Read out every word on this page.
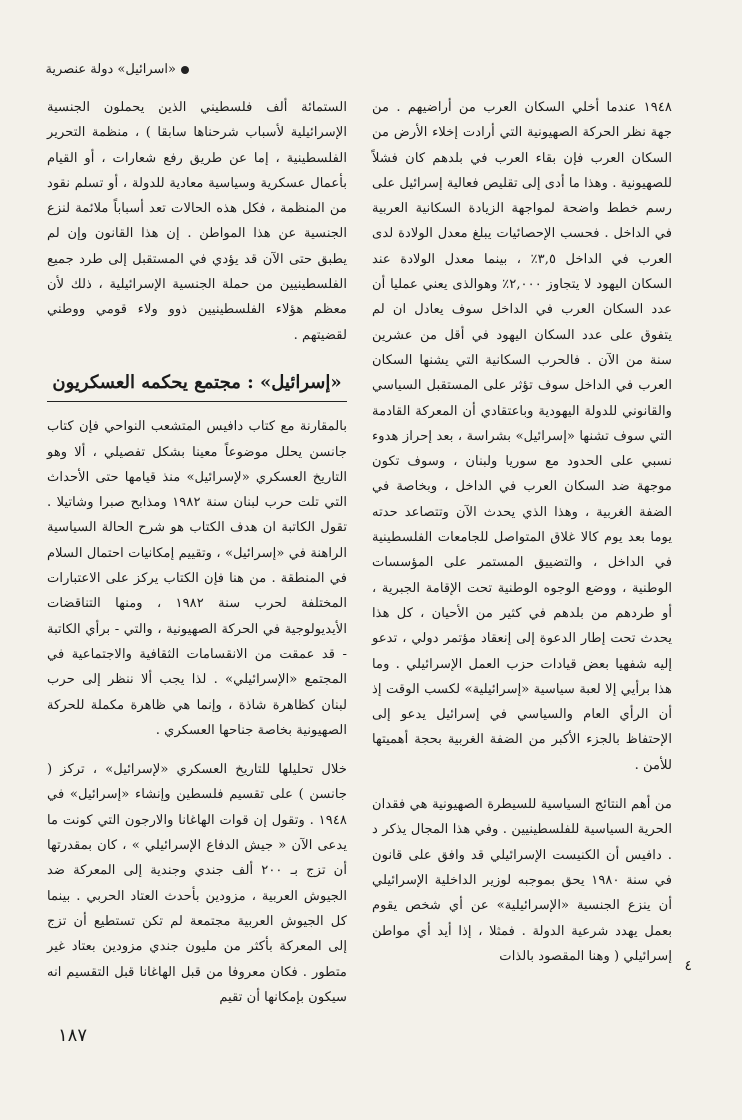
«اسرائيل» دولة عنصرية

١٩٤٨ عندما أخلي السكان العرب من أراضيهم . من جهة نظر الحركة الصهيونية التي أرادت إخلاء الأرض من السكان العرب فإن بقاء العرب في بلدهم كان فشلاً للصهيونية . وهذا ما أدى إلى تقليص فعالية إسرائيل على رسم خطط واضحة لمواجهة الزيادة السكانية العربية في الداخل . فحسب الإحصائيات يبلغ معدل الولادة لدى العرب في الداخل ٣,٥٪ ، بينما معدل الولادة عند السكان اليهود لا يتجاوز ٢,٠٠٠٪ وهوالذى يعني عمليا أن عدد السكان العرب في الداخل سوف يعادل ان لم يتفوق على عدد السكان اليهود في أقل من عشرين سنة من الآن . فالحرب السكانية التي يشنها السكان العرب في الداخل سوف تؤثر على المستقبل السياسي والقانوني للدولة اليهودية وباعتقادي أن المعركة القادمة التي سوف تشنها «إسرائيل» بشراسة ، بعد إحراز هدوء نسبي على الحدود مع سوريا ولبنان ، وسوف تكون موجهة ضد السكان العرب في الداخل ، وبخاصة في الضفة الغربية ، وهذا الذي يحدث الآن وتتصاعد حدته يوما بعد يوم كالا غلاق المتواصل للجامعات الفلسطينية في الداخل ، والتضييق المستمر على المؤسسات الوطنية ، ووضع الوجوه الوطنية تحت الإقامة الجبرية ، أو طردهم من بلدهم في كثير من الأحيان ، كل هذا يحدث تحت إطار الدعوة إلى إنعقاد مؤتمر دولي ، تدعو إليه شفهيا بعض قيادات حزب العمل الإسرائيلي . وما هذا برأيي إلا لعبة سياسية «إسرائيلية» لكسب الوقت إذ أن الرأي العام والسياسي في إسرائيل يدعو إلى الإحتفاظ بالجزء الأكبر من الضفة الغربية بحجة أهميتها للأمن .

من أهم النتائج السياسية للسيطرة الصهيونية هي فقدان الحرية السياسية للفلسطينيين . وفي هذا المجال يذكر د . دافيس أن الكنيست الإسرائيلي قد وافق على قانون في سنة ١٩٨٠ يحق بموجبه لوزير الداخلية الإسرائيلي أن ينزع الجنسية «الإسرائيلية» عن أي شخص يقوم بعمل يهدد شرعية الدولة . فمثلا ، إذا أيد أي مواطن إسرائيلي ( وهنا المقصود بالذات

٤

الستمائة ألف فلسطيني الذين يحملون الجنسية الإسرائيلية لأسباب شرحناها سابقا ) ، منظمة التحرير الفلسطينية ، إما عن طريق رفع شعارات ، أو القيام بأعمال عسكرية وسياسية معادية للدولة ، أو تسلم نقود من المنظمة ، فكل هذه الحالات تعد أسباباً ملائمة لنزع الجنسية عن هذا المواطن . إن هذا القانون وإن لم يطبق حتى الآن قد يؤدي في المستقبل إلى طرد جميع الفلسطينيين من حملة الجنسية الإسرائيلية ، ذلك لأن معظم هؤلاء الفلسطينيين ذوو ولاء قومي ووطني لقضيتهم .

«إسرائيل» : مجتمع يحكمه العسكريون

بالمقارنة مع كتاب دافيس المتشعب النواحي فإن كتاب جانسن يحلل موضوعاً معينا بشكل تفصيلي ، ألا وهو التاريخ العسكري «لإسرائيل» منذ قيامها حتى الأحداث التي تلت حرب لبنان سنة ١٩٨٢ ومذابح صبرا وشاتيلا . تقول الكاتبة ان هدف الكتاب هو شرح الحالة السياسية الراهنة في «إسرائيل» ، وتقييم إمكانيات احتمال السلام في المنطقة . من هنا فإن الكتاب يركز على الاعتبارات المختلفة لحرب سنة ١٩٨٢ ، ومنها التناقضات الأيديولوجية في الحركة الصهيونية ، والتي - برأي الكاتبة - قد عمقت من الانقسامات الثقافية والاجتماعية في المجتمع «الإسرائيلي» . لذا يجب ألا ننظر إلى حرب لبنان كظاهرة شاذة ، وإنما هي ظاهرة مكملة للحركة الصهيونية بخاصة جناحها العسكري .

خلال تحليلها للتاريخ العسكري «لإسرائيل» ، تركز ( جانسن ) على تقسيم فلسطين وإنشاء «إسرائيل» في ١٩٤٨ . وتقول إن قوات الهاغانا والارجون التي كونت ما يدعى الآن « جيش الدفاع الإسرائيلي » ، كان بمقدرتها أن تزج بـ ٢٠٠ ألف جندي وجندية إلى المعركة ضد الجيوش العربية ، مزودين بأحدث العتاد الحربي . بينما كل الجيوش العربية مجتمعة لم تكن تستطيع أن تزج إلى المعركة بأكثر من مليون جندي مزودين بعتاد غير متطور . فكان معروفا من قبل الهاغانا قبل التقسيم انه سيكون بإمكانها أن تقيم

١٨٧
